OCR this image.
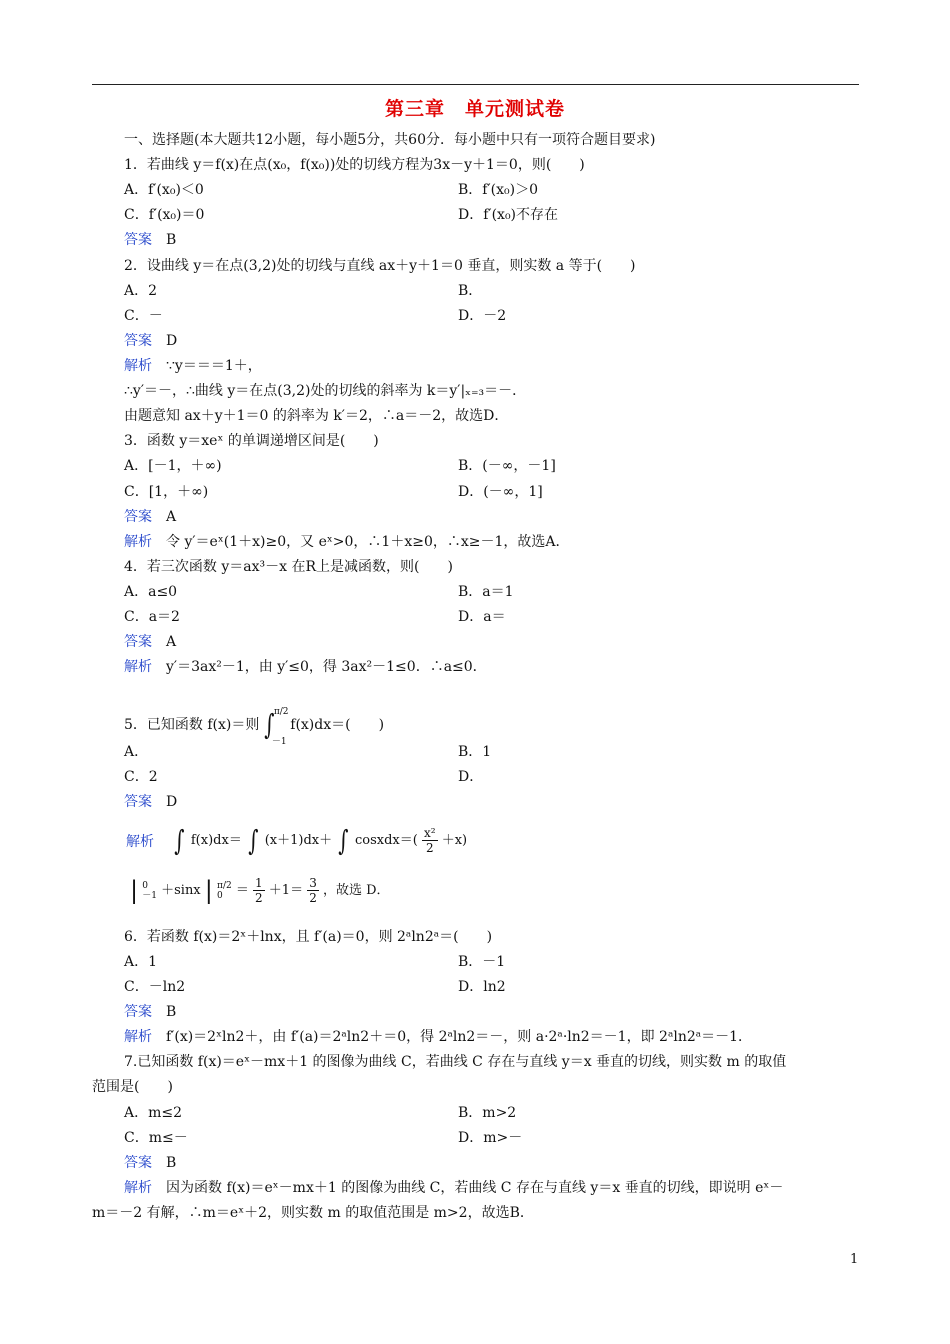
第三章　单元测试卷

一、选择题(本大题共12小题，每小题5分，共60分．每小题中只有一项符合题目要求)

1．若曲线 y＝f(x)在点(x₀，f(x₀))处的切线方程为3x－y＋1＝0，则(　　)

A．f′(x₀)＜0	B．f′(x₀)＞0

C．f′(x₀)＝0	D．f′(x₀)不存在

答案 B

2．设曲线 y＝在点(3,2)处的切线与直线 ax＋y＋1＝0 垂直，则实数 a 等于(　　)

A．2	B．

C．－	D．－2

答案 D

解析 ∵y＝＝＝1＋，

∴y′＝－，∴曲线 y＝在点(3,2)处的切线的斜率为 k＝y′|ₓ₌₃＝－．

由题意知 ax＋y＋1＝0 的斜率为 k′＝2，∴a＝－2，故选D．

3．函数 y＝xeˣ 的单调递增区间是(　　)

A．[－1，＋∞)	B．(－∞，－1]

C．[1，＋∞)	D．(－∞，1]

答案 A

解析 令 y′＝eˣ(1＋x)≥0，又 eˣ>0，∴1＋x≥0，∴x≥－1，故选A．

4．若三次函数 y＝ax³－x 在R上是减函数，则(　　)

A．a≤0	B．a＝1

C．a＝2	D．a＝

答案 A

解析 y′＝3ax²－1，由 y′≤0，得 3ax²－1≤0．∴a≤0．

5．已知函数 f(x)＝则 ∫ π/2
－1
f(x)dx＝(　　)

A．	B．1

C．2	D．

答案 D

解析 ∫ f(x)dx＝ ∫ (x＋1)dx＋ ∫ cosxdx＝( $\frac{\text{x²}}{2} +x$)
| 0
－1 ＋sinx | π/2
0	＝ $\frac{1}{2} +1= \frac{3}{2}$ ，故选 D．

6．若函数 f(x)＝2ˣ＋lnx，且 f′(a)＝0，则 2ᵃln2ᵃ＝(　　)

A．1	B．－1

C．－ln2	D．ln2

答案 B

解析 f′(x)＝2ˣln2＋，由 f′(a)＝2ᵃln2＋＝0，得 2ᵃln2＝－，则 a·2ᵃ·ln2＝－1，即 2ᵃln2ᵃ＝－1．

7.已知函数 f(x)＝eˣ－mx＋1 的图像为曲线 C，若曲线 C 存在与直线 y＝x 垂直的切线，则实数 m 的取值

范围是(　　)

A．m≤2	B．m>2

C．m≤－	D．m>－

答案 B

解析 因为函数 f(x)＝eˣ－mx＋1 的图像为曲线 C，若曲线 C 存在与直线 y＝x 垂直的切线，即说明 eˣ－

m＝－2 有解，∴m＝eˣ＋2，则实数 m 的取值范围是 m>2，故选B．

1
